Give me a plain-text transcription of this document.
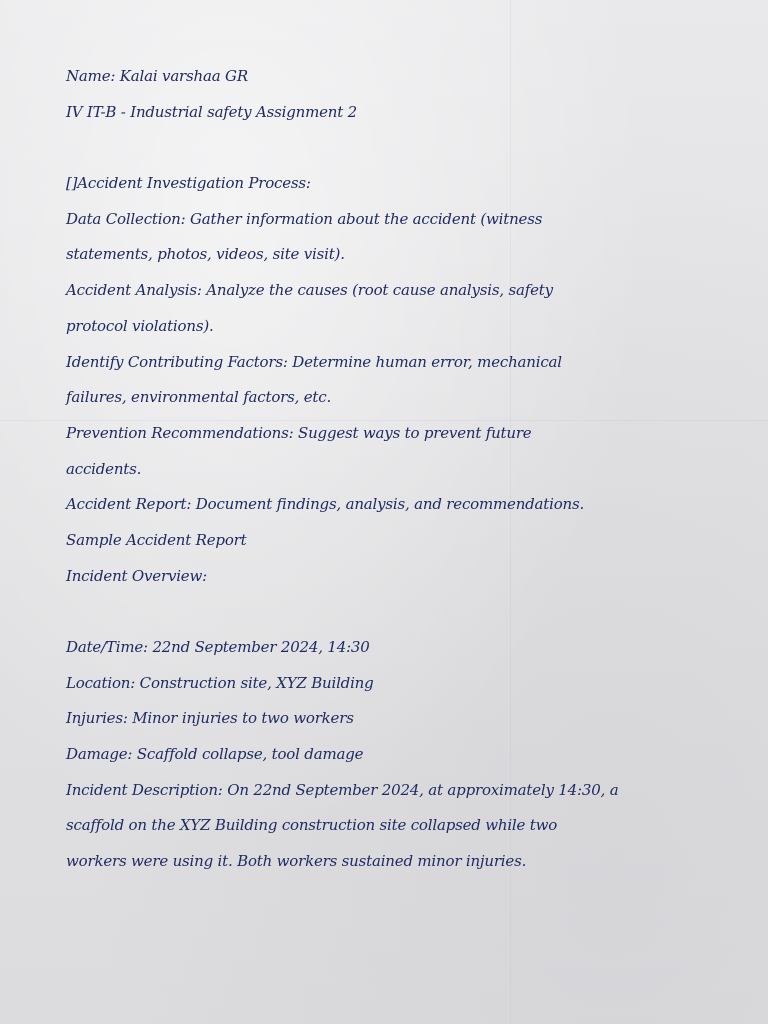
Name: Kalai varshaa GR
IV IT-B - Industrial safety Assignment 2
[]Accident Investigation Process:
Data Collection: Gather information about the accident (witness
statements, photos, videos, site visit).
Accident Analysis: Analyze the causes (root cause analysis, safety
protocol violations).
Identify Contributing Factors: Determine human error, mechanical
failures, environmental factors, etc.
Prevention Recommendations: Suggest ways to prevent future
accidents.
Accident Report: Document findings, analysis, and recommendations.
Sample Accident Report
Incident Overview:
Date/Time: 22nd September 2024, 14:30
Location: Construction site, XYZ Building
Injuries: Minor injuries to two workers
Damage: Scaffold collapse, tool damage
Incident Description: On 22nd September 2024, at approximately 14:30, a
scaffold on the XYZ Building construction site collapsed while two
workers were using it. Both workers sustained minor injuries.
